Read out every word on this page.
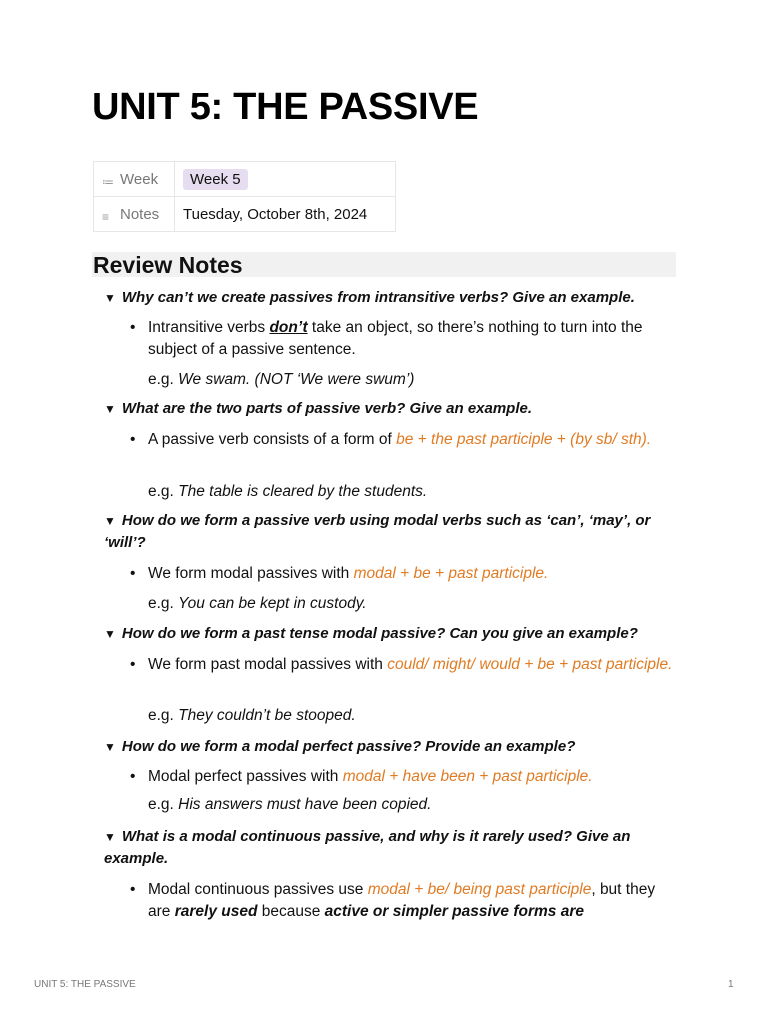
UNIT 5: THE PASSIVE
≔ Week	Week 5
≡ Notes	Tuesday, October 8th, 2024
Review Notes
▼ Why can’t we create passives from intransitive verbs? Give an example.
• Intransitive verbs don’t take an object, so there’s nothing to turn into the subject of a passive sentence.
e.g. We swam. (NOT ‘We were swum’)
▼ What are the two parts of passive verb? Give an example.
• A passive verb consists of a form of be + the past participle + (by sb/ sth).
e.g. The table is cleared by the students.
▼ How do we form a passive verb using modal verbs such as ‘can’, ‘may’, or ‘will’?
• We form modal passives with modal + be + past participle.
e.g. You can be kept in custody.
▼ How do we form a past tense modal passive? Can you give an example?
• We form past modal passives with could/ might/ would + be + past participle.
e.g. They couldn’t be stooped.
▼ How do we form a modal perfect passive? Provide an example?
• Modal perfect passives with modal + have been + past participle.
e.g. His answers must have been copied.
▼ What is a modal continuous passive, and why is it rarely used? Give an example.
• Modal continuous passives use modal + be/ being past participle, but they are rarely used because active or simpler passive forms are
UNIT 5: THE PASSIVE	1
